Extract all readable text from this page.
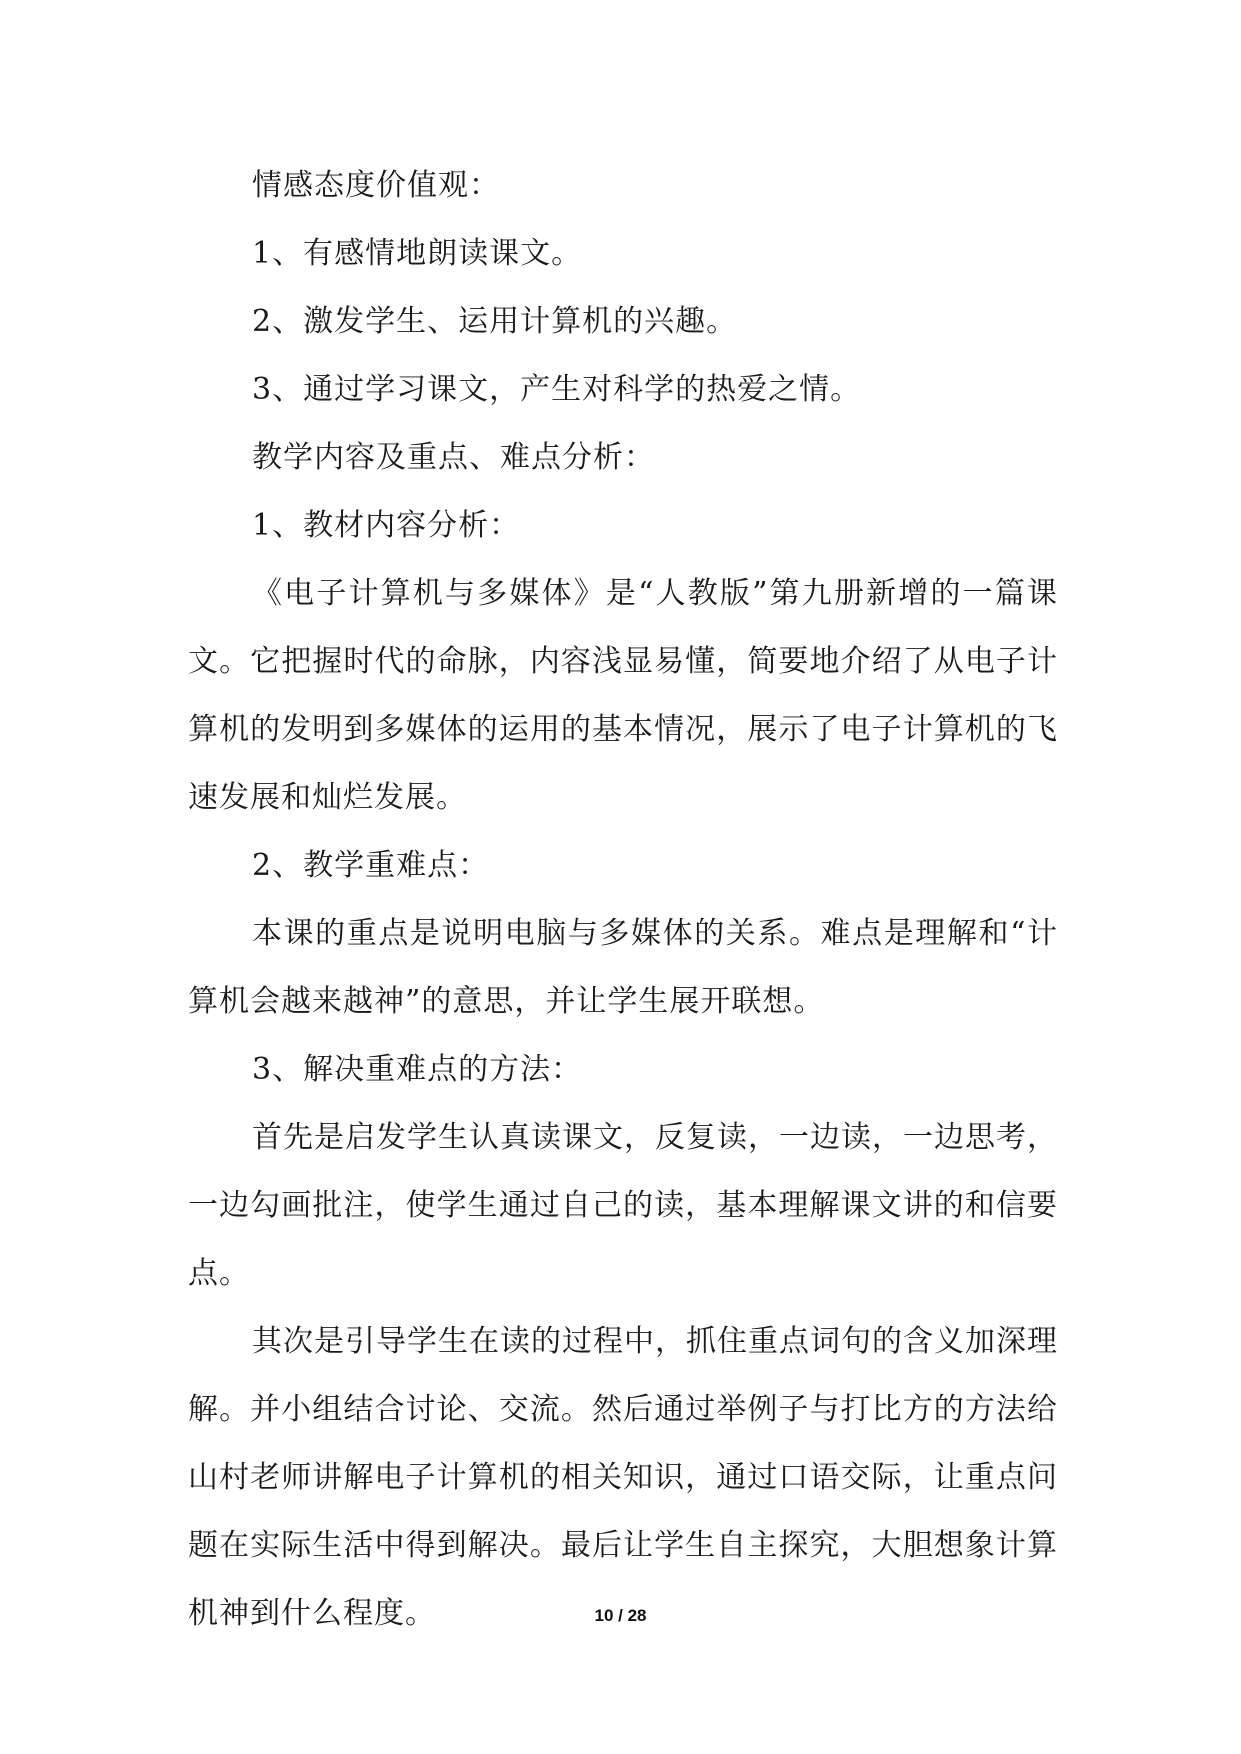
情感态度价值观：

1、有感情地朗读课文。

2、激发学生、运用计算机的兴趣。

3、通过学习课文，产生对科学的热爱之情。

教学内容及重点、难点分析：

1、教材内容分析：

《电子计算机与多媒体》是“人教版”第九册新增的一篇课文。它把握时代的命脉，内容浅显易懂，简要地介绍了从电子计算机的发明到多媒体的运用的基本情况，展示了电子计算机的飞速发展和灿烂发展。

2、教学重难点：

本课的重点是说明电脑与多媒体的关系。难点是理解和“计算机会越来越神”的意思，并让学生展开联想。

3、解决重难点的方法：

首先是启发学生认真读课文，反复读，一边读，一边思考，一边勾画批注，使学生通过自己的读，基本理解课文讲的和信要点。

其次是引导学生在读的过程中，抓住重点词句的含义加深理解。并小组结合讨论、交流。然后通过举例子与打比方的方法给山村老师讲解电子计算机的相关知识，通过口语交际，让重点问题在实际生活中得到解决。最后让学生自主探究，大胆想象计算机神到什么程度。	10 / 28
